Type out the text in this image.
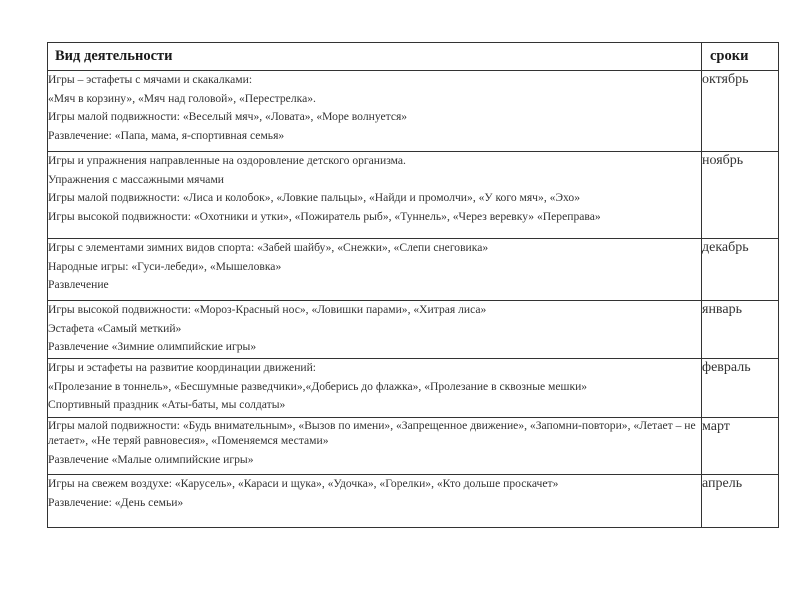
Вид деятельности	сроки

Игры – эстафеты с мячами и скакалками:
«Мяч в корзину», «Мяч над головой», «Перестрелка».
Игры малой подвижности: «Веселый мяч», «Ловата», «Море волнуется»
Развлечение: «Папа, мама, я-спортивная семья»	октябрь

Игры и упражнения направленные на оздоровление детского организма.
Упражнения с массажными мячами
Игры малой подвижности: «Лиса и колобок», «Ловкие пальцы», «Найди и промолчи», «У кого мяч», «Эхо»
Игры высокой подвижности: «Охотники и утки», «Пожиратель рыб», «Туннель», «Через веревку» «Переправа»	ноябрь

Игры с элементами зимних видов спорта: «Забей шайбу», «Снежки», «Слепи снеговика»
Народные игры: «Гуси-лебеди», «Мышеловка»
Развлечение	декабрь

Игры высокой подвижности: «Мороз-Красный нос», «Ловишки парами», «Хитрая лиса»
Эстафета «Самый меткий»
Развлечение «Зимние олимпийские игры»	январь

Игры и эстафеты на развитие координации движений:
«Пролезание в тоннель», «Бесшумные разведчики»,«Доберись до флажка», «Пролезание в сквозные мешки»
Спортивный праздник «Аты-баты, мы солдаты»	февраль

Игры малой подвижности: «Будь внимательным», «Вызов по имени», «Запрещенное движение», «Запомни-повтори», «Летает – не летает», «Не теряй равновесия», «Поменяемся местами»
Развлечение «Малые олимпийские игры»	март

Игры на свежем воздухе: «Карусель», «Караси и щука», «Удочка», «Горелки», «Кто дольше проскачет»
Развлечение: «День семьи»	апрель
